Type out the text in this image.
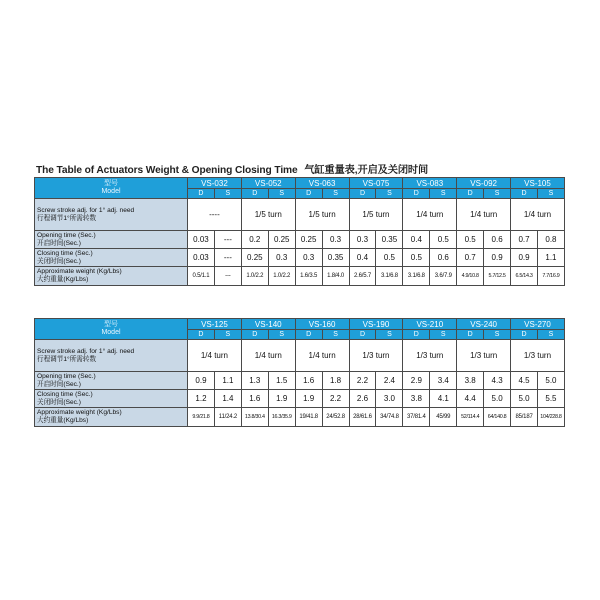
The Table of Actuators Weight & Opening Closing Time 气缸重量表,开启及关闭时间
型号
Model	VS-032		VS-052		VS-063		VS-075		VS-083		VS-092		VS-105	
	D	S	D	S	D	S	D	S	D	S	D	S	D	S
Screw stroke adj. for 1° adj. need
行程调节1°所需转数	----		1/5 turn		1/5 turn		1/5 turn		1/4 turn		1/4 turn		1/4 turn	
Opening time (Sec.)
开启时间(Sec.)	0.03	---	0.2	0.25	0.25	0.3	0.3	0.35	0.4	0.5	0.5	0.6	0.7	0.8
Closing time (Sec.)
关闭时间(Sec.)	0.03	---	0.25	0.3	0.3	0.35	0.4	0.5	0.5	0.6	0.7	0.9	0.9	1.1
Approximate weight (Kg/Lbs)
大约重量(Kg/Lbs)	0.5/1.1	---	1.0/2.2	1.0/2.2	1.6/3.5	1.8/4.0	2.6/5.7	3.1/6.8	3.1/6.8	3.6/7.9	4.9/10.8	5.7/12.5	6.5/14.3	7.7/16.9
型号
Model	VS-125		VS-140		VS-160		VS-190		VS-210		VS-240		VS-270	
	D	S	D	S	D	S	D	S	D	S	D	S	D	S
Screw stroke adj. for 1° adj. need
行程调节1°所需转数	1/4 turn		1/4 turn		1/4 turn		1/3 turn		1/3 turn		1/3 turn		1/3 turn	
Opening time (Sec.)
开启时间(Sec.)	0.9	1.1	1.3	1.5	1.6	1.8	2.2	2.4	2.9	3.4	3.8	4.3	4.5	5.0
Closing time (Sec.)
关闭时间(Sec.)	1.2	1.4	1.6	1.9	1.9	2.2	2.6	3.0	3.8	4.1	4.4	5.0	5.0	5.5
Approximate weight (Kg/Lbs)
大约重量(Kg/Lbs)	9.9/21.8	11/24.2	13.8/30.4	16.3/35.9	19/41.8	24/52.8	28/61.6	34/74.8	37/81.4	45/99	52/114.4	64/140.8	85/187	104/228.8
